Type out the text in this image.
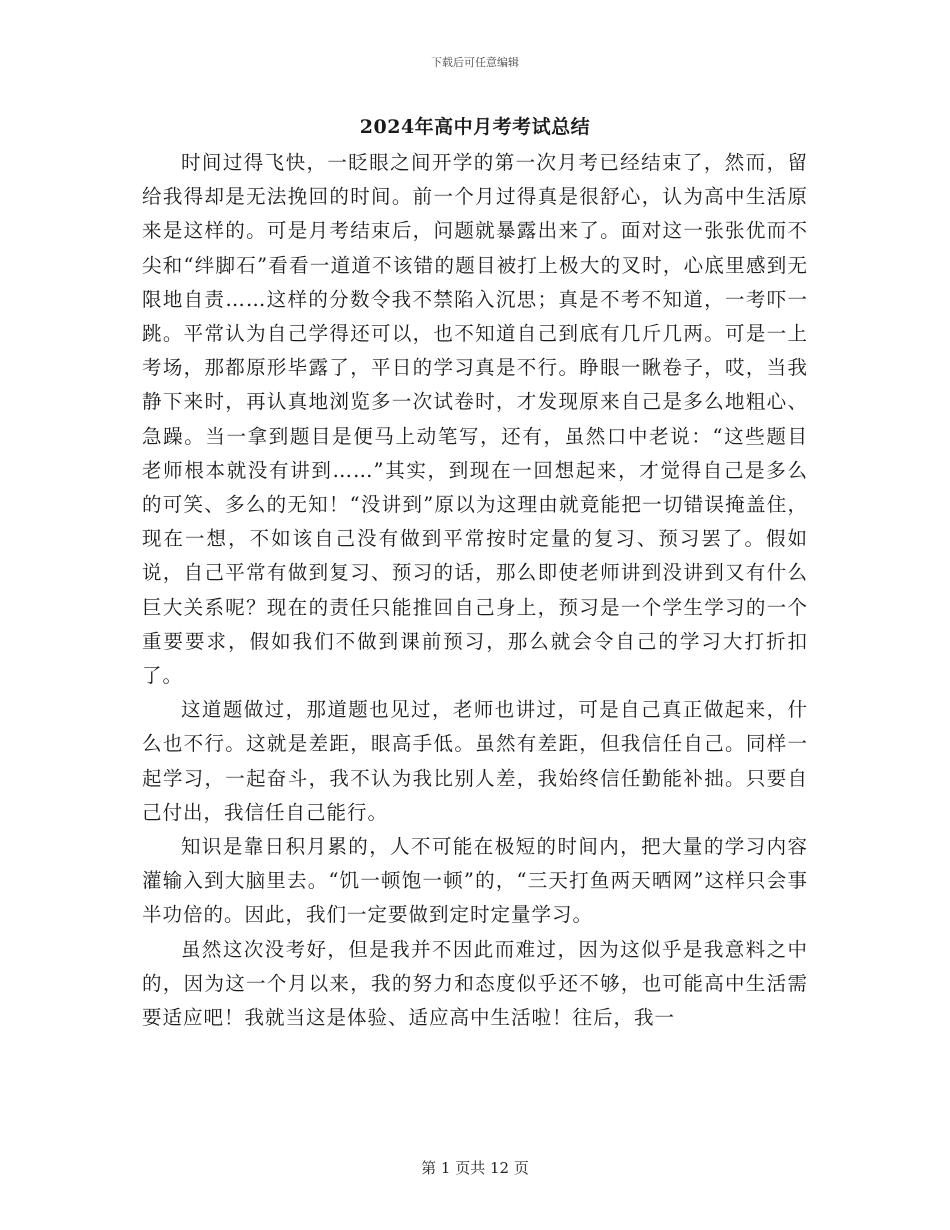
下载后可任意编辑
2024年高中月考考试总结

时间过得飞快，一眨眼之间开学的第一次月考已经结束了，然而，留给我得却是无法挽回的时间。前一个月过得真是很舒心，认为高中生活原来是这样的。可是月考结束后，问题就暴露出来了。面对这一张张优而不尖和“绊脚石”看看一道道不该错的题目被打上极大的叉时，心底里感到无限地自责……这样的分数令我不禁陷入沉思；真是不考不知道，一考吓一跳。平常认为自己学得还可以，也不知道自己到底有几斤几两。可是一上考场，那都原形毕露了，平日的学习真是不行。睁眼一瞅卷子，哎，当我静下来时，再认真地浏览多一次试卷时，才发现原来自己是多么地粗心、急躁。当一拿到题目是便马上动笔写，还有，虽然口中老说：“这些题目老师根本就没有讲到……”其实，到现在一回想起来，才觉得自己是多么的可笑、多么的无知！“没讲到”原以为这理由就竟能把一切错误掩盖住，现在一想，不如该自己没有做到平常按时定量的复习、预习罢了。假如说，自己平常有做到复习、预习的话，那么即使老师讲到没讲到又有什么巨大关系呢？现在的责任只能推回自己身上，预习是一个学生学习的一个重要要求，假如我们不做到课前预习，那么就会令自己的学习大打折扣了。

这道题做过，那道题也见过，老师也讲过，可是自己真正做起来，什么也不行。这就是差距，眼高手低。虽然有差距，但我信任自己。同样一起学习，一起奋斗，我不认为我比别人差，我始终信任勤能补拙。只要自己付出，我信任自己能行。

知识是靠日积月累的，人不可能在极短的时间内，把大量的学习内容灌输入到大脑里去。“饥一顿饱一顿”的，“三天打鱼两天晒网”这样只会事半功倍的。因此，我们一定要做到定时定量学习。

虽然这次没考好，但是我并不因此而难过，因为这似乎是我意料之中的，因为这一个月以来，我的努力和态度似乎还不够，也可能高中生活需要适应吧！我就当这是体验、适应高中生活啦！往后，我一

第 1 页共 12 页
